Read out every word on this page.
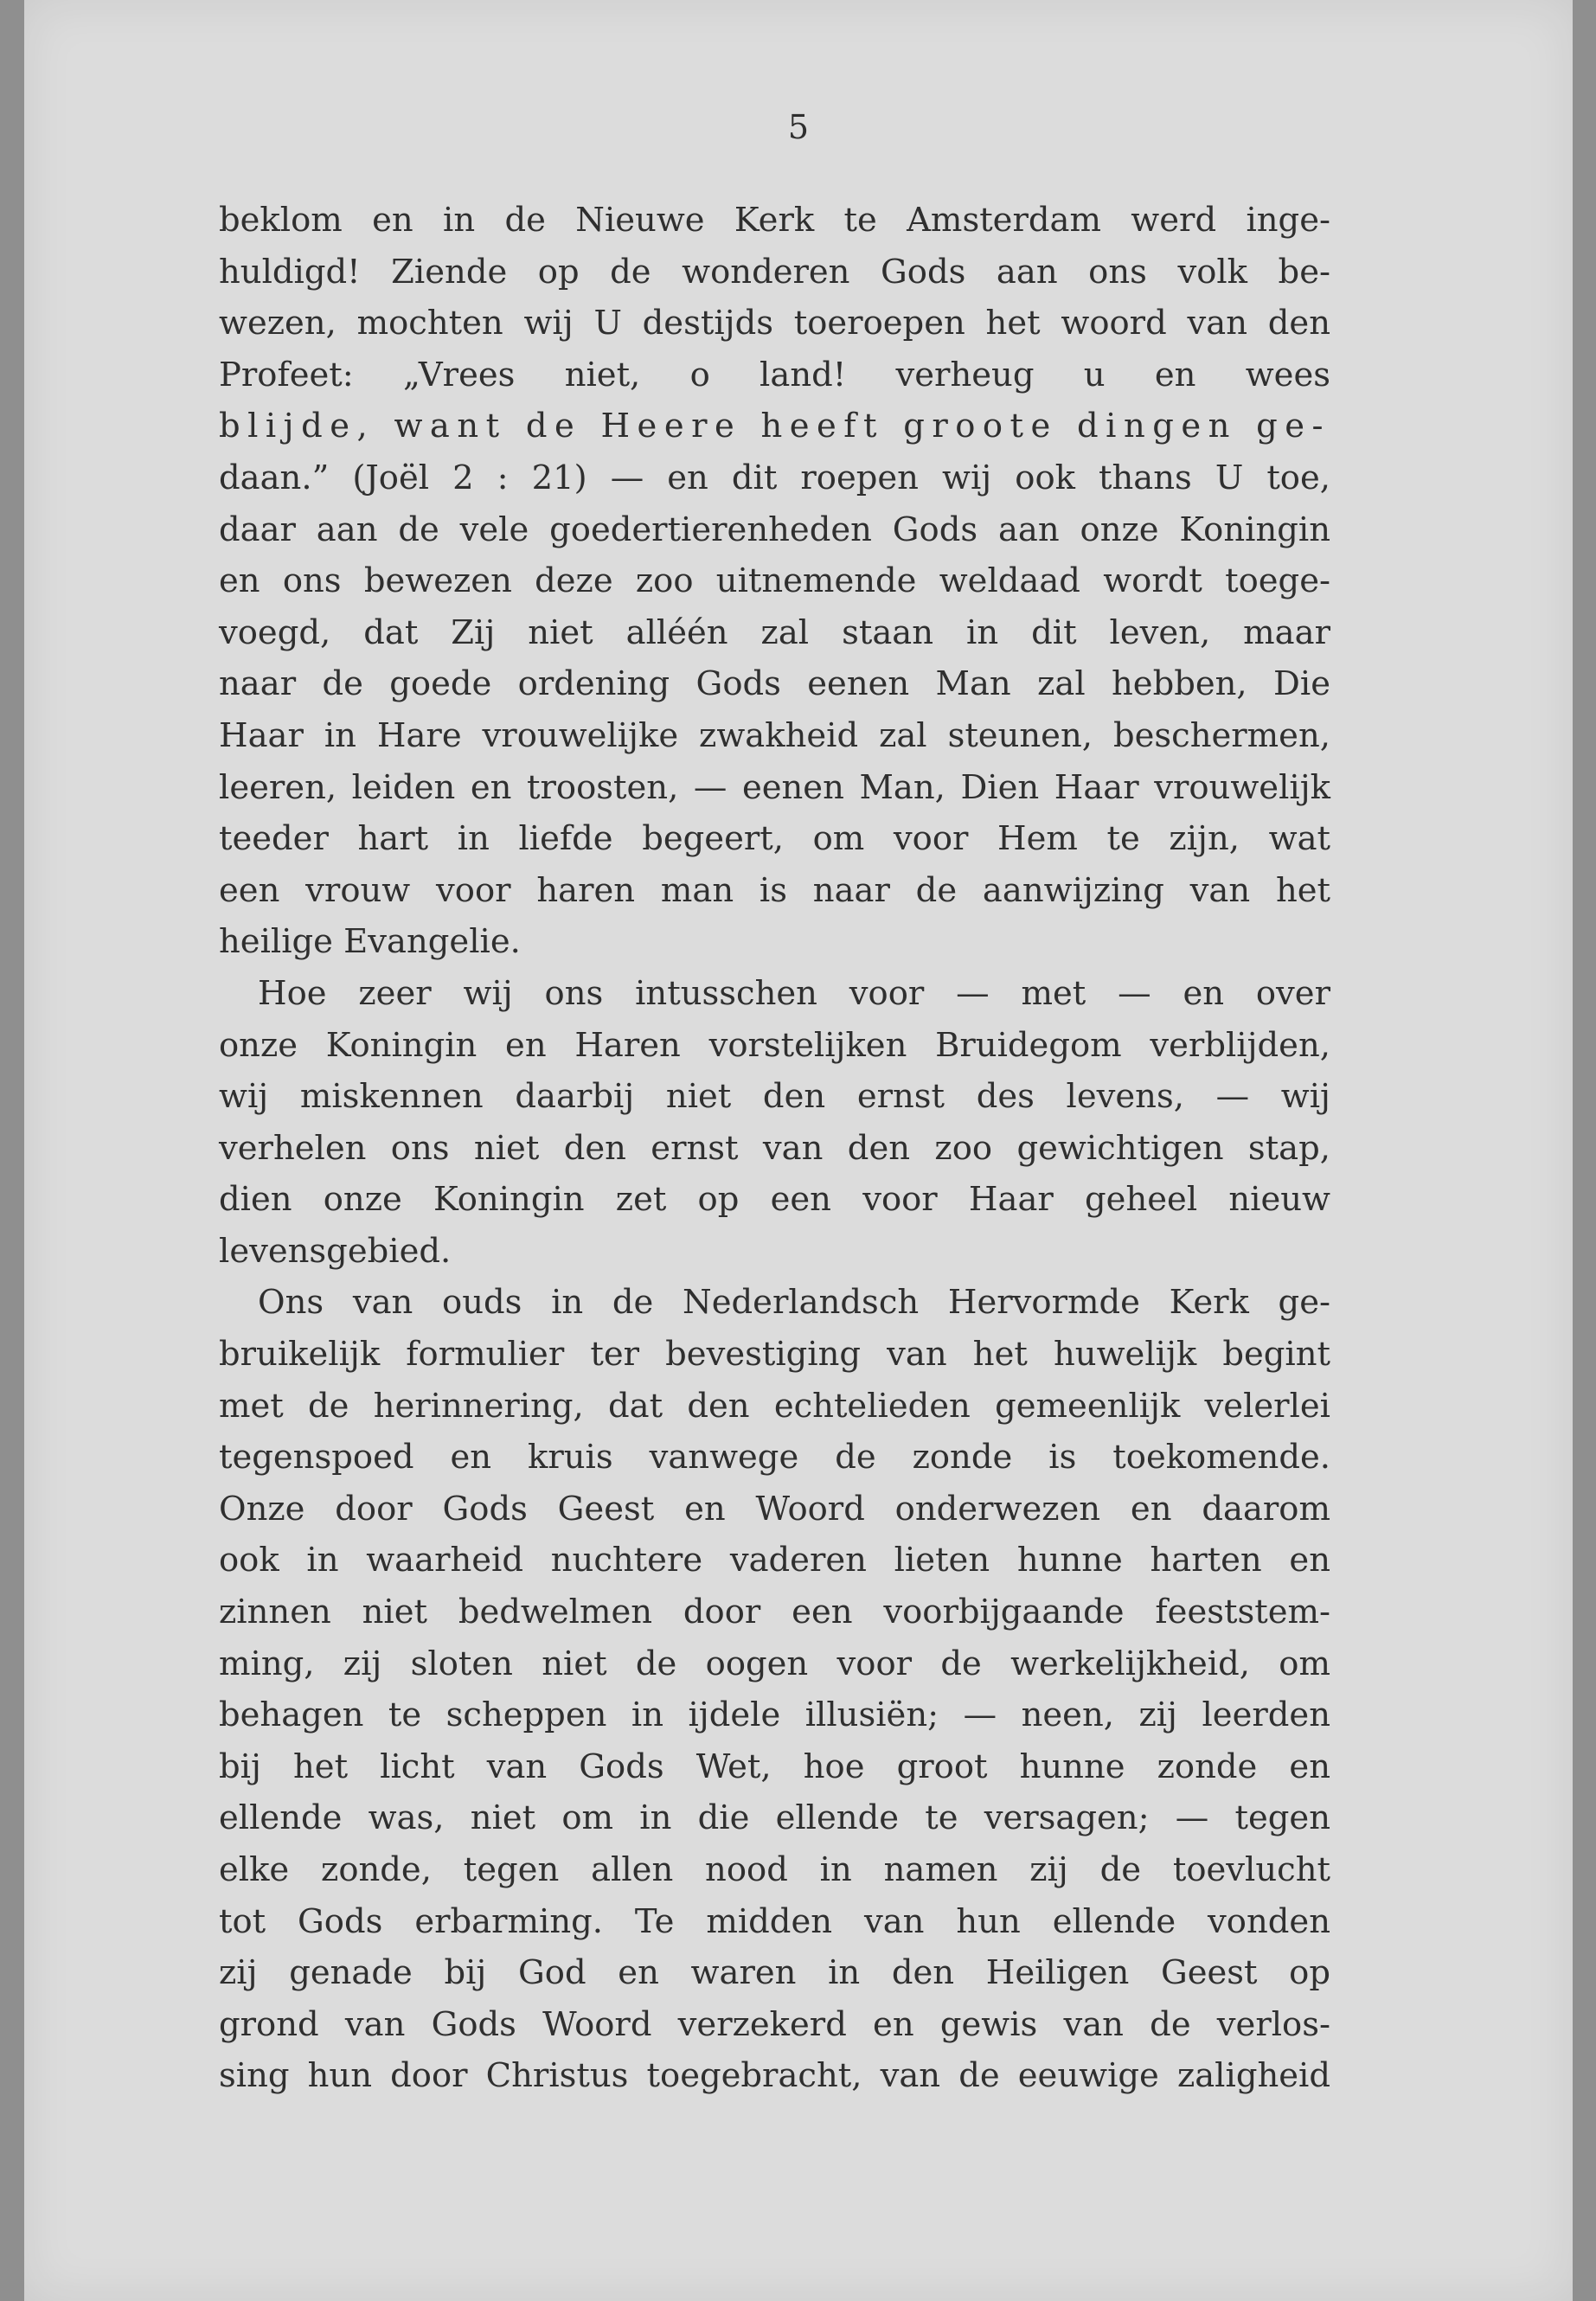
5
beklom en in de Nieuwe Kerk te Amsterdam werd inge-
huldigd! Ziende op de wonderen Gods aan ons volk be-
wezen, mochten wij U destijds toeroepen het woord van den
Profeet: „Vrees niet, o land! verheug u en wees
blijde, want de Heere heeft groote dingen ge-
daan.” (Joël 2 : 21) — en dit roepen wij ook thans U toe,
daar aan de vele goedertierenheden Gods aan onze Koningin
en ons bewezen deze zoo uitnemende weldaad wordt toege-
voegd, dat Zij niet alléén zal staan in dit leven, maar
naar de goede ordening Gods eenen Man zal hebben, Die
Haar in Hare vrouwelijke zwakheid zal steunen, beschermen,
leeren, leiden en troosten, — eenen Man, Dien Haar vrouwelijk
teeder hart in liefde begeert, om voor Hem te zijn, wat
een vrouw voor haren man is naar de aanwijzing van het
heilige Evangelie.
Hoe zeer wij ons intusschen voor — met — en over
onze Koningin en Haren vorstelijken Bruidegom verblijden,
wij miskennen daarbij niet den ernst des levens, — wij
verhelen ons niet den ernst van den zoo gewichtigen stap,
dien onze Koningin zet op een voor Haar geheel nieuw
levensgebied.
Ons van ouds in de Nederlandsch Hervormde Kerk ge-
bruikelijk formulier ter bevestiging van het huwelijk begint
met de herinnering, dat den echtelieden gemeenlijk velerlei
tegenspoed en kruis vanwege de zonde is toekomende.
Onze door Gods Geest en Woord onderwezen en daarom
ook in waarheid nuchtere vaderen lieten hunne harten en
zinnen niet bedwelmen door een voorbijgaande feeststem-
ming, zij sloten niet de oogen voor de werkelijkheid, om
behagen te scheppen in ijdele illusiën; — neen, zij leerden
bij het licht van Gods Wet, hoe groot hunne zonde en
ellende was, niet om in die ellende te versagen; — tegen
elke zonde, tegen allen nood in namen zij de toevlucht
tot Gods erbarming. Te midden van hun ellende vonden
zij genade bij God en waren in den Heiligen Geest op
grond van Gods Woord verzekerd en gewis van de verlos-
sing hun door Christus toegebracht, van de eeuwige zaligheid
